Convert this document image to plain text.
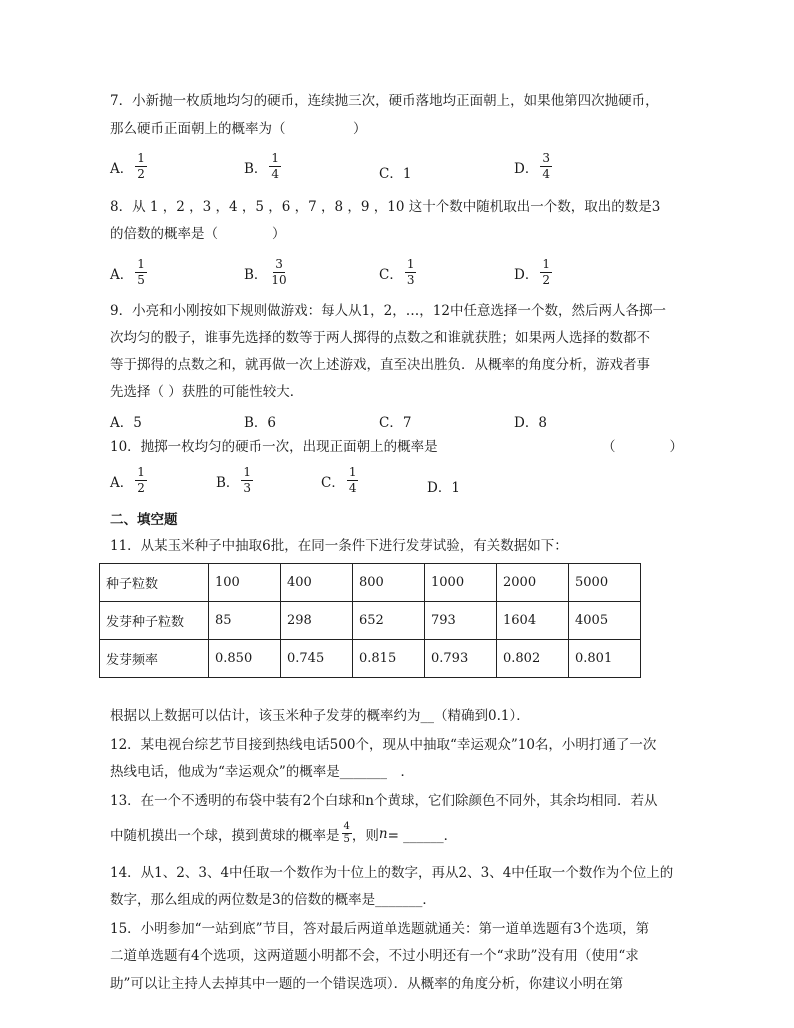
7．小新抛一枚质地均匀的硬币，连续抛三次，硬币落地均正面朝上，如果他第四次抛硬币，
那么硬币正面朝上的概率为（　　　　　）
A． $\frac{1}{2}$	B． $\frac{1}{4}$	C．1	D． $\frac{3}{4}$
8．从 1 ，2 ，3 ，4 ，5 ，6 ，7 ，8 ，9 ，10 这十个数中随机取出一个数，取出的数是3
的倍数的概率是（　　　　）
A． $\frac{1}{5}$	B． $\frac{3}{10}$	C． $\frac{1}{3}$	D． $\frac{1}{2}$
9．小亮和小刚按如下规则做游戏：每人从1，2，…，12中任意选择一个数，然后两人各掷一
次均匀的骰子，谁事先选择的数等于两人掷得的点数之和谁就获胜；如果两人选择的数都不
等于掷得的点数之和，就再做一次上述游戏，直至决出胜负．从概率的角度分析，游戏者事
先选择（ ）获胜的可能性较大．
A．5	B．6	C．7	D．8
10．抛掷一枚均匀的硬币一次，出现正面朝上的概率是	（　　　　）
A． $\frac{1}{2}$	B． $\frac{1}{3}$	C． $\frac{1}{4}$	D．1
二、填空题
11．从某玉米种子中抽取6批，在同一条件下进行发芽试验，有关数据如下：
种子粒数	100	400	800	1000	2000	5000
发芽种子粒数	85	298	652	793	1604	4005
发芽频率	0.850	0.745	0.815	0.793	0.802	0.801
根据以上数据可以估计，该玉米种子发芽的概率约为__（精确到0.1）．
12．某电视台综艺节目接到热线电话500个，现从中抽取“幸运观众”10名，小明打通了一次
热线电话，他成为“幸运观众”的概率是_______　．
13．在一个不透明的布袋中装有2个白球和n个黄球，它们除颜色不同外，其余均相同．若从
中随机摸出一个球，摸到黄球的概率是 $\frac{4}{5}$ ，则 n = ______．
14．从1、2、3、4中任取一个数作为十位上的数字，再从2、3、4中任取一个数作为个位上的
数字，那么组成的两位数是3的倍数的概率是_______．
15．小明参加“一站到底”节目，答对最后两道单选题就通关：第一道单选题有3个选项，第
二道单选题有4个选项，这两道题小明都不会，不过小明还有一个“求助”没有用（使用“求
助”可以让主持人去掉其中一题的一个错误选项）．从概率的角度分析，你建议小明在第
